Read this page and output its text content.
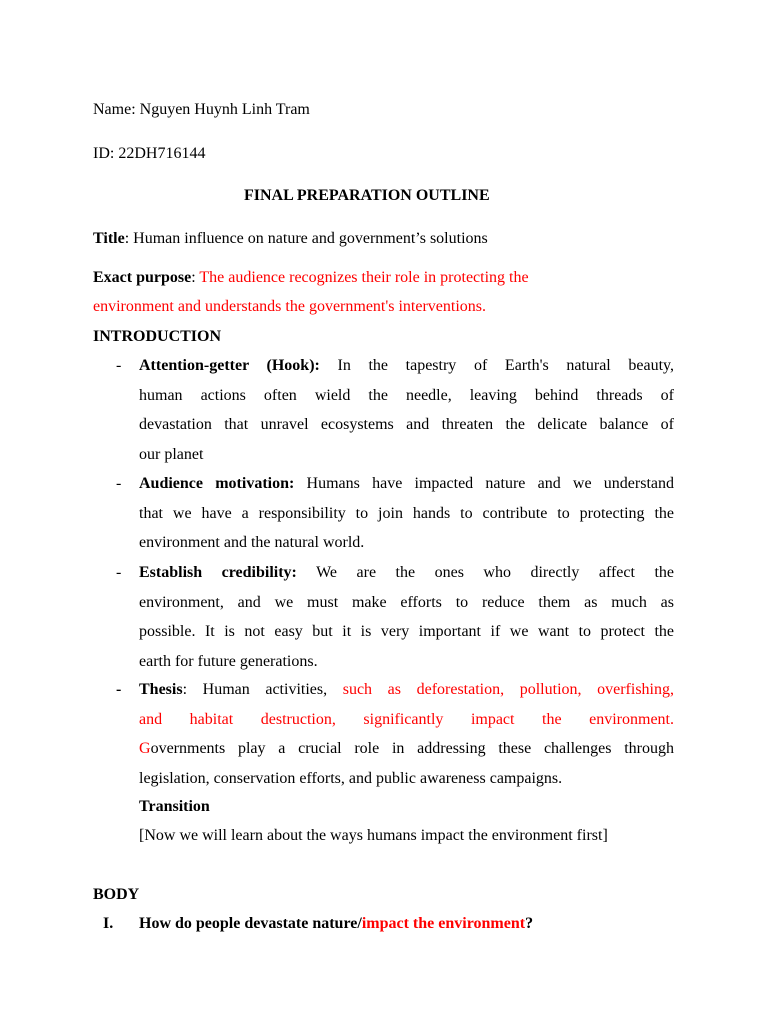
Name: Nguyen Huynh Linh Tram
ID: 22DH716144
FINAL PREPARATION OUTLINE
Title: Human influence on nature and government’s solutions
Exact purpose: The audience recognizes their role in protecting the
environment and understands the government's interventions.
INTRODUCTION
- Attention-getter (Hook): In the tapestry of Earth's natural beauty,
human actions often wield the needle, leaving behind threads of
devastation that unravel ecosystems and threaten the delicate balance of
our planet
- Audience motivation: Humans have impacted nature and we understand
that we have a responsibility to join hands to contribute to protecting the
environment and the natural world.
- Establish credibility: We are the ones who directly affect the
environment, and we must make efforts to reduce them as much as
possible. It is not easy but it is very important if we want to protect the
earth for future generations.
- Thesis: Human activities, such as deforestation, pollution, overfishing,
and habitat destruction, significantly impact the environment.
Governments play a crucial role in addressing these challenges through
legislation, conservation efforts, and public awareness campaigns.
Transition
[Now we will learn about the ways humans impact the environment first]
BODY
I. How do people devastate nature/impact the environment?
